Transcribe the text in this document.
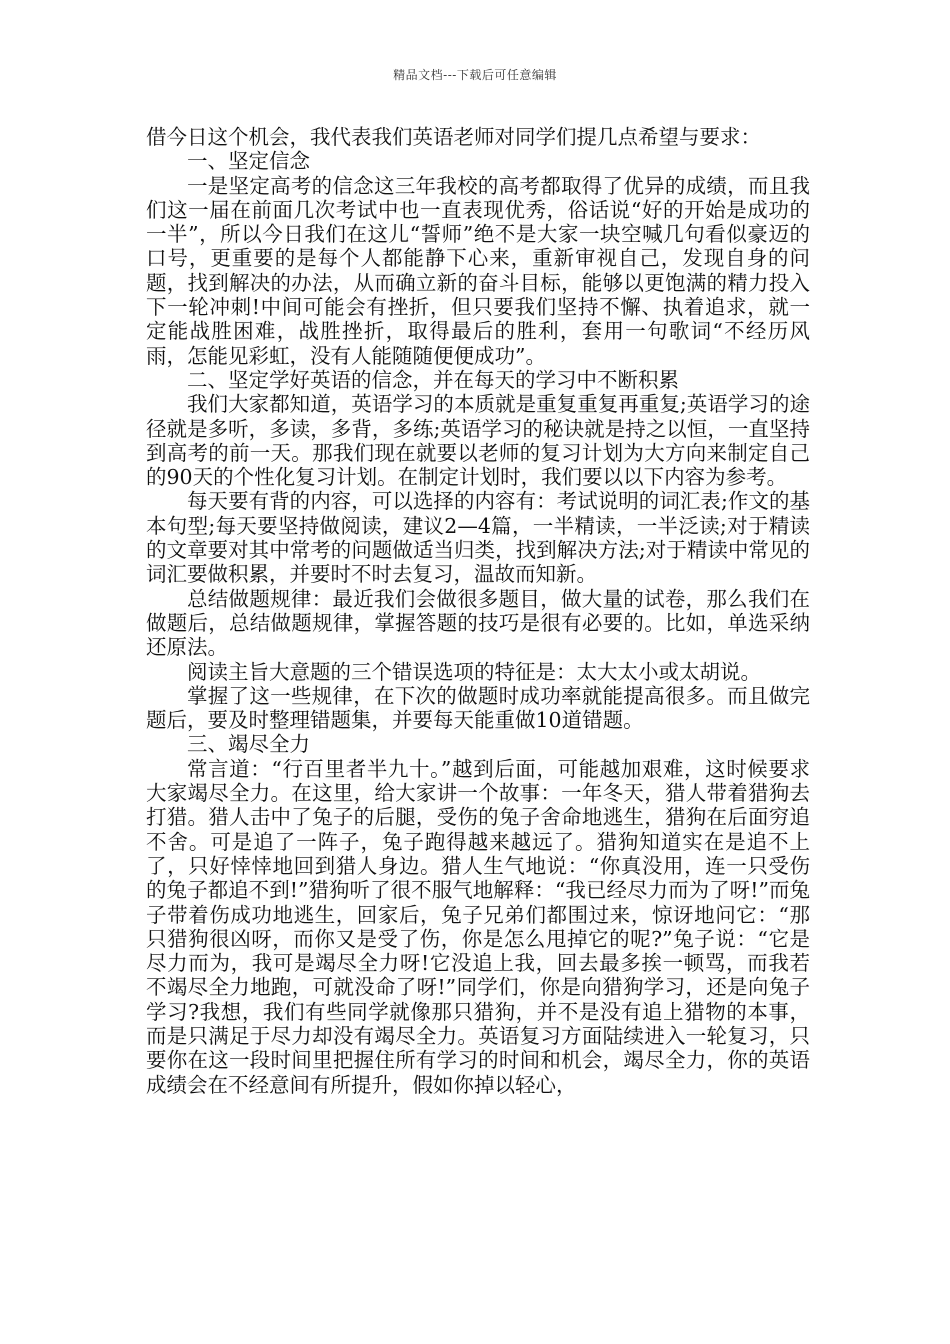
精品文档---下载后可任意编辑

借今日这个机会，我代表我们英语老师对同学们提几点希望与要求：

一、坚定信念

一是坚定高考的信念这三年我校的高考都取得了优异的成绩，而且我们这一届在前面几次考试中也一直表现优秀，俗话说“好的开始是成功的一半”，所以今日我们在这儿“誓师”绝不是大家一块空喊几句看似豪迈的口号，更重要的是每个人都能静下心来，重新审视自己，发现自身的问题，找到解决的办法，从而确立新的奋斗目标，能够以更饱满的精力投入下一轮冲刺!中间可能会有挫折，但只要我们坚持不懈、执着追求，就一定能战胜困难，战胜挫折，取得最后的胜利，套用一句歌词“不经历风雨，怎能见彩虹，没有人能随随便便成功”。

二、坚定学好英语的信念，并在每天的学习中不断积累

我们大家都知道，英语学习的本质就是重复重复再重复;英语学习的途径就是多听，多读，多背，多练;英语学习的秘诀就是持之以恒，一直坚持到高考的前一天。那我们现在就要以老师的复习计划为大方向来制定自己的90天的个性化复习计划。在制定计划时，我们要以以下内容为参考。

每天要有背的内容，可以选择的内容有：考试说明的词汇表;作文的基本句型;每天要坚持做阅读，建议2—4篇，一半精读，一半泛读;对于精读的文章要对其中常考的问题做适当归类，找到解决方法;对于精读中常见的词汇要做积累，并要时不时去复习，温故而知新。

总结做题规律：最近我们会做很多题目，做大量的试卷，那么我们在做题后，总结做题规律，掌握答题的技巧是很有必要的。比如，单选采纳还原法。

阅读主旨大意题的三个错误选项的特征是：太大太小或太胡说。

掌握了这一些规律，在下次的做题时成功率就能提高很多。而且做完题后，要及时整理错题集，并要每天能重做10道错题。

三、竭尽全力

常言道：“行百里者半九十。”越到后面，可能越加艰难，这时候要求大家竭尽全力。在这里，给大家讲一个故事：一年冬天，猎人带着猎狗去打猎。猎人击中了兔子的后腿，受伤的兔子舍命地逃生，猎狗在后面穷追不舍。可是追了一阵子，兔子跑得越来越远了。猎狗知道实在是追不上了，只好悻悻地回到猎人身边。猎人生气地说：“你真没用，连一只受伤的兔子都追不到!”猎狗听了很不服气地解释：“我已经尽力而为了呀!”而兔子带着伤成功地逃生，回家后，兔子兄弟们都围过来，惊讶地问它：“那只猎狗很凶呀，而你又是受了伤，你是怎么甩掉它的呢?”兔子说：“它是尽力而为，我可是竭尽全力呀!它没追上我，回去最多挨一顿骂，而我若不竭尽全力地跑，可就没命了呀!”同学们，你是向猎狗学习，还是向兔子学习?我想，我们有些同学就像那只猎狗，并不是没有追上猎物的本事，而是只满足于尽力却没有竭尽全力。英语复习方面陆续进入一轮复习，只要你在这一段时间里把握住所有学习的时间和机会，竭尽全力，你的英语成绩会在不经意间有所提升，假如你掉以轻心，
